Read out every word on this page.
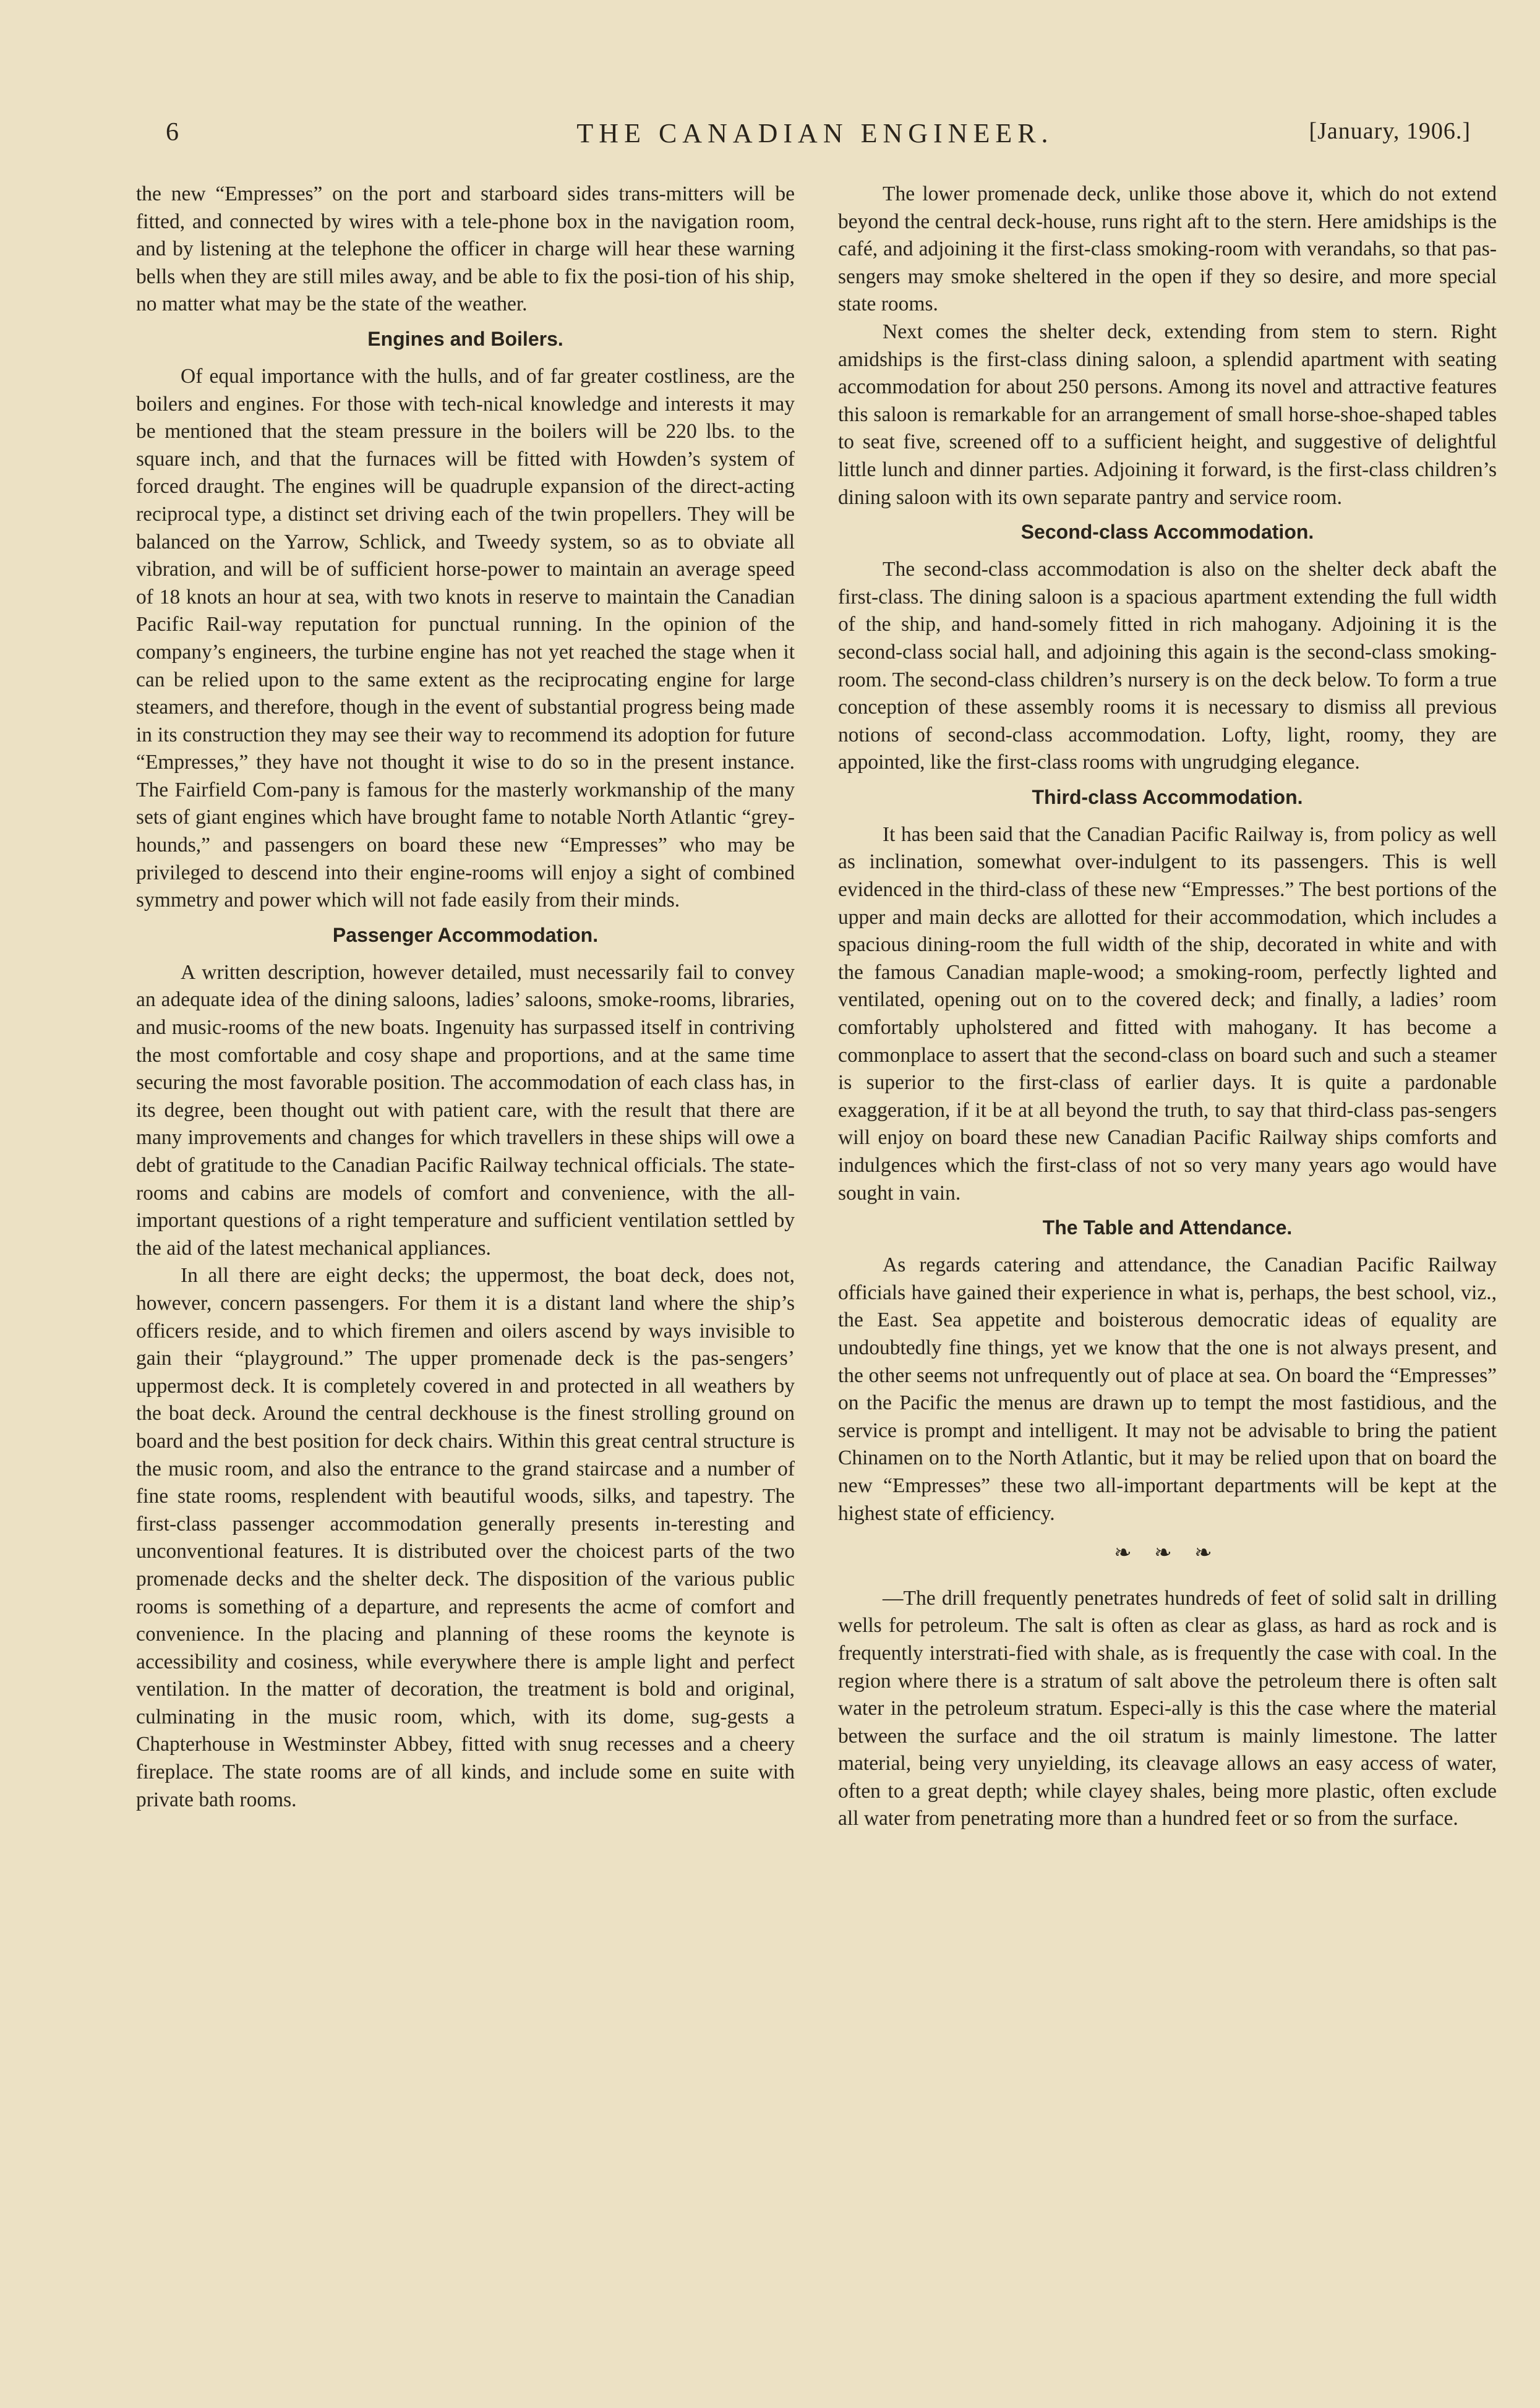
6	THE CANADIAN ENGINEER.	[January, 1906.]

the new “Empresses” on the port and starboard sides trans-mitters will be fitted, and connected by wires with a tele-phone box in the navigation room, and by listening at the telephone the officer in charge will hear these warning bells when they are still miles away, and be able to fix the posi-tion of his ship, no matter what may be the state of the weather.

Engines and Boilers.

Of equal importance with the hulls, and of far greater costliness, are the boilers and engines. For those with tech-nical knowledge and interests it may be mentioned that the steam pressure in the boilers will be 220 lbs. to the square inch, and that the furnaces will be fitted with Howden’s system of forced draught. The engines will be quadruple expansion of the direct-acting reciprocal type, a distinct set driving each of the twin propellers. They will be balanced on the Yarrow, Schlick, and Tweedy system, so as to obviate all vibration, and will be of sufficient horse-power to maintain an average speed of 18 knots an hour at sea, with two knots in reserve to maintain the Canadian Pacific Rail-way reputation for punctual running. In the opinion of the company’s engineers, the turbine engine has not yet reached the stage when it can be relied upon to the same extent as the reciprocating engine for large steamers, and therefore, though in the event of substantial progress being made in its construction they may see their way to recommend its adoption for future “Empresses,” they have not thought it wise to do so in the present instance. The Fairfield Com-pany is famous for the masterly workmanship of the many sets of giant engines which have brought fame to notable North Atlantic “grey-hounds,” and passengers on board these new “Empresses” who may be privileged to descend into their engine-rooms will enjoy a sight of combined symmetry and power which will not fade easily from their minds.

Passenger Accommodation.

A written description, however detailed, must necessarily fail to convey an adequate idea of the dining saloons, ladies’ saloons, smoke-rooms, libraries, and music-rooms of the new boats. Ingenuity has surpassed itself in contriving the most comfortable and cosy shape and proportions, and at the same time securing the most favorable position. The accommodation of each class has, in its degree, been thought out with patient care, with the result that there are many improvements and changes for which travellers in these ships will owe a debt of gratitude to the Canadian Pacific Railway technical officials. The state-rooms and cabins are models of comfort and convenience, with the all-important questions of a right temperature and sufficient ventilation settled by the aid of the latest mechanical appliances.

In all there are eight decks; the uppermost, the boat deck, does not, however, concern passengers. For them it is a distant land where the ship’s officers reside, and to which firemen and oilers ascend by ways invisible to gain their “playground.” The upper promenade deck is the pas-sengers’ uppermost deck. It is completely covered in and protected in all weathers by the boat deck. Around the central deckhouse is the finest strolling ground on board and the best position for deck chairs. Within this great central structure is the music room, and also the entrance to the grand staircase and a number of fine state rooms, resplendent with beautiful woods, silks, and tapestry. The first-class passenger accommodation generally presents in-teresting and unconventional features. It is distributed over the choicest parts of the two promenade decks and the shelter deck. The disposition of the various public rooms is something of a departure, and represents the acme of comfort and convenience. In the placing and planning of these rooms the keynote is accessibility and cosiness, while everywhere there is ample light and perfect ventilation. In the matter of decoration, the treatment is bold and original, culminating in the music room, which, with its dome, sug-gests a Chapterhouse in Westminster Abbey, fitted with snug recesses and a cheery fireplace. The state rooms are of all kinds, and include some en suite with private bath rooms.

The lower promenade deck, unlike those above it, which do not extend beyond the central deck-house, runs right aft to the stern. Here amidships is the café, and adjoining it the first-class smoking-room with verandahs, so that pas-sengers may smoke sheltered in the open if they so desire, and more special state rooms.

Next comes the shelter deck, extending from stem to stern. Right amidships is the first-class dining saloon, a splendid apartment with seating accommodation for about 250 persons. Among its novel and attractive features this saloon is remarkable for an arrangement of small horse-shoe-shaped tables to seat five, screened off to a sufficient height, and suggestive of delightful little lunch and dinner parties. Adjoining it forward, is the first-class children’s dining saloon with its own separate pantry and service room.

Second-class Accommodation.

The second-class accommodation is also on the shelter deck abaft the first-class. The dining saloon is a spacious apartment extending the full width of the ship, and hand-somely fitted in rich mahogany. Adjoining it is the second-class social hall, and adjoining this again is the second-class smoking-room. The second-class children’s nursery is on the deck below. To form a true conception of these assembly rooms it is necessary to dismiss all previous notions of second-class accommodation. Lofty, light, roomy, they are appointed, like the first-class rooms with ungrudging elegance.

Third-class Accommodation.

It has been said that the Canadian Pacific Railway is, from policy as well as inclination, somewhat over-indulgent to its passengers. This is well evidenced in the third-class of these new “Empresses.” The best portions of the upper and main decks are allotted for their accommodation, which includes a spacious dining-room the full width of the ship, decorated in white and with the famous Canadian maple-wood; a smoking-room, perfectly lighted and ventilated, opening out on to the covered deck; and finally, a ladies’ room comfortably upholstered and fitted with mahogany. It has become a commonplace to assert that the second-class on board such and such a steamer is superior to the first-class of earlier days. It is quite a pardonable exaggeration, if it be at all beyond the truth, to say that third-class pas-sengers will enjoy on board these new Canadian Pacific Railway ships comforts and indulgences which the first-class of not so very many years ago would have sought in vain.

The Table and Attendance.

As regards catering and attendance, the Canadian Pacific Railway officials have gained their experience in what is, perhaps, the best school, viz., the East. Sea appetite and boisterous democratic ideas of equality are undoubtedly fine things, yet we know that the one is not always present, and the other seems not unfrequently out of place at sea. On board the “Empresses” on the Pacific the menus are drawn up to tempt the most fastidious, and the service is prompt and intelligent. It may not be advisable to bring the patient Chinamen on to the North Atlantic, but it may be relied upon that on board the new “Empresses” these two all-important departments will be kept at the highest state of efficiency.

❧ ❧ ❧

—The drill frequently penetrates hundreds of feet of solid salt in drilling wells for petroleum. The salt is often as clear as glass, as hard as rock and is frequently interstrati-fied with shale, as is frequently the case with coal. In the region where there is a stratum of salt above the petroleum there is often salt water in the petroleum stratum. Especi-ally is this the case where the material between the surface and the oil stratum is mainly limestone. The latter material, being very unyielding, its cleavage allows an easy access of water, often to a great depth; while clayey shales, being more plastic, often exclude all water from penetrating more than a hundred feet or so from the surface.
